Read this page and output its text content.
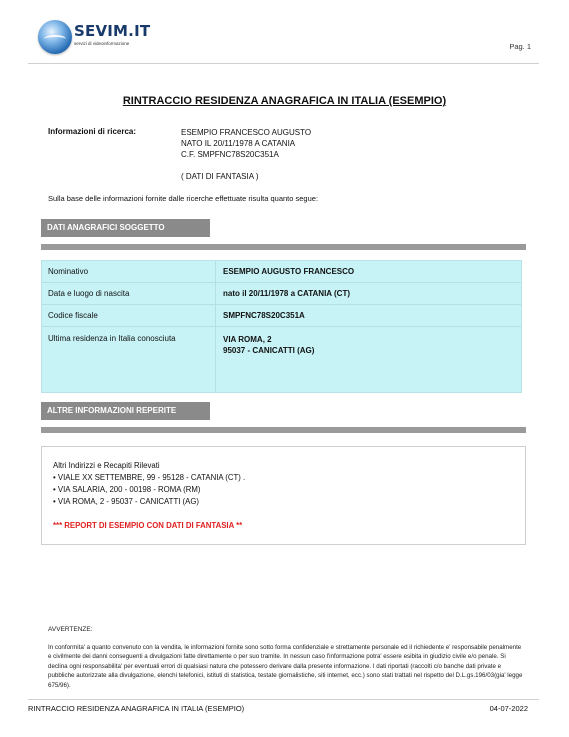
SEVIM.IT
servizi di videoinformazione	Pag. 1
RINTRACCIO RESIDENZA ANAGRAFICA IN ITALIA (ESEMPIO)
Informazioni di ricerca:	ESEMPIO FRANCESCO AUGUSTO
NATO IL 20/11/1978 A CATANIA
C.F. SMPFNC78S20C351A
( DATI DI FANTASIA )
Sulla base delle informazioni fornite dalle ricerche effettuate risulta quanto segue:
DATI ANAGRAFICI SOGGETTO
Nominativo	ESEMPIO AUGUSTO FRANCESCO
Data e luogo di nascita	nato il 20/11/1978 a CATANIA (CT)
Codice fiscale	SMPFNC78S20C351A
Ultima residenza in Italia conosciuta	VIA ROMA, 2
95037 - CANICATTI (AG)
ALTRE INFORMAZIONI REPERITE
Altri Indirizzi e Recapiti Rilevati
• VIALE XX SETTEMBRE, 99 - 95128 - CATANIA (CT) .
• VIA SALARIA, 200 - 00198 - ROMA (RM)
• VIA ROMA, 2 - 95037 - CANICATTI (AG)
*** REPORT DI ESEMPIO CON DATI DI FANTASIA **
AVVERTENZE:
In conformita' a quanto convenuto con la vendita, le informazioni fornite sono sotto forma confidenziale e strettamente personale ed il richiedente e' responsabile penalmente e civilmente dei danni conseguenti a divulgazioni fatte direttamente o per suo tramite. In nessun caso l'informazione potra' essere esibita in giudizio civile e/o penale. Si declina ogni responsabilita' per eventuali errori di qualsiasi natura che potessero derivare dalla presente informazione. I dati riportati (raccolti c/o banche dati private e pubbliche autorizzate alla divulgazione, elenchi telefonici, istituti di statistica, testate giornalistiche, siti internet, ecc.) sono stati trattati nel rispetto del D.L.gs.196/03(gia' legge 675/96).
RINTRACCIO RESIDENZA ANAGRAFICA IN ITALIA (ESEMPIO)	04-07-2022
